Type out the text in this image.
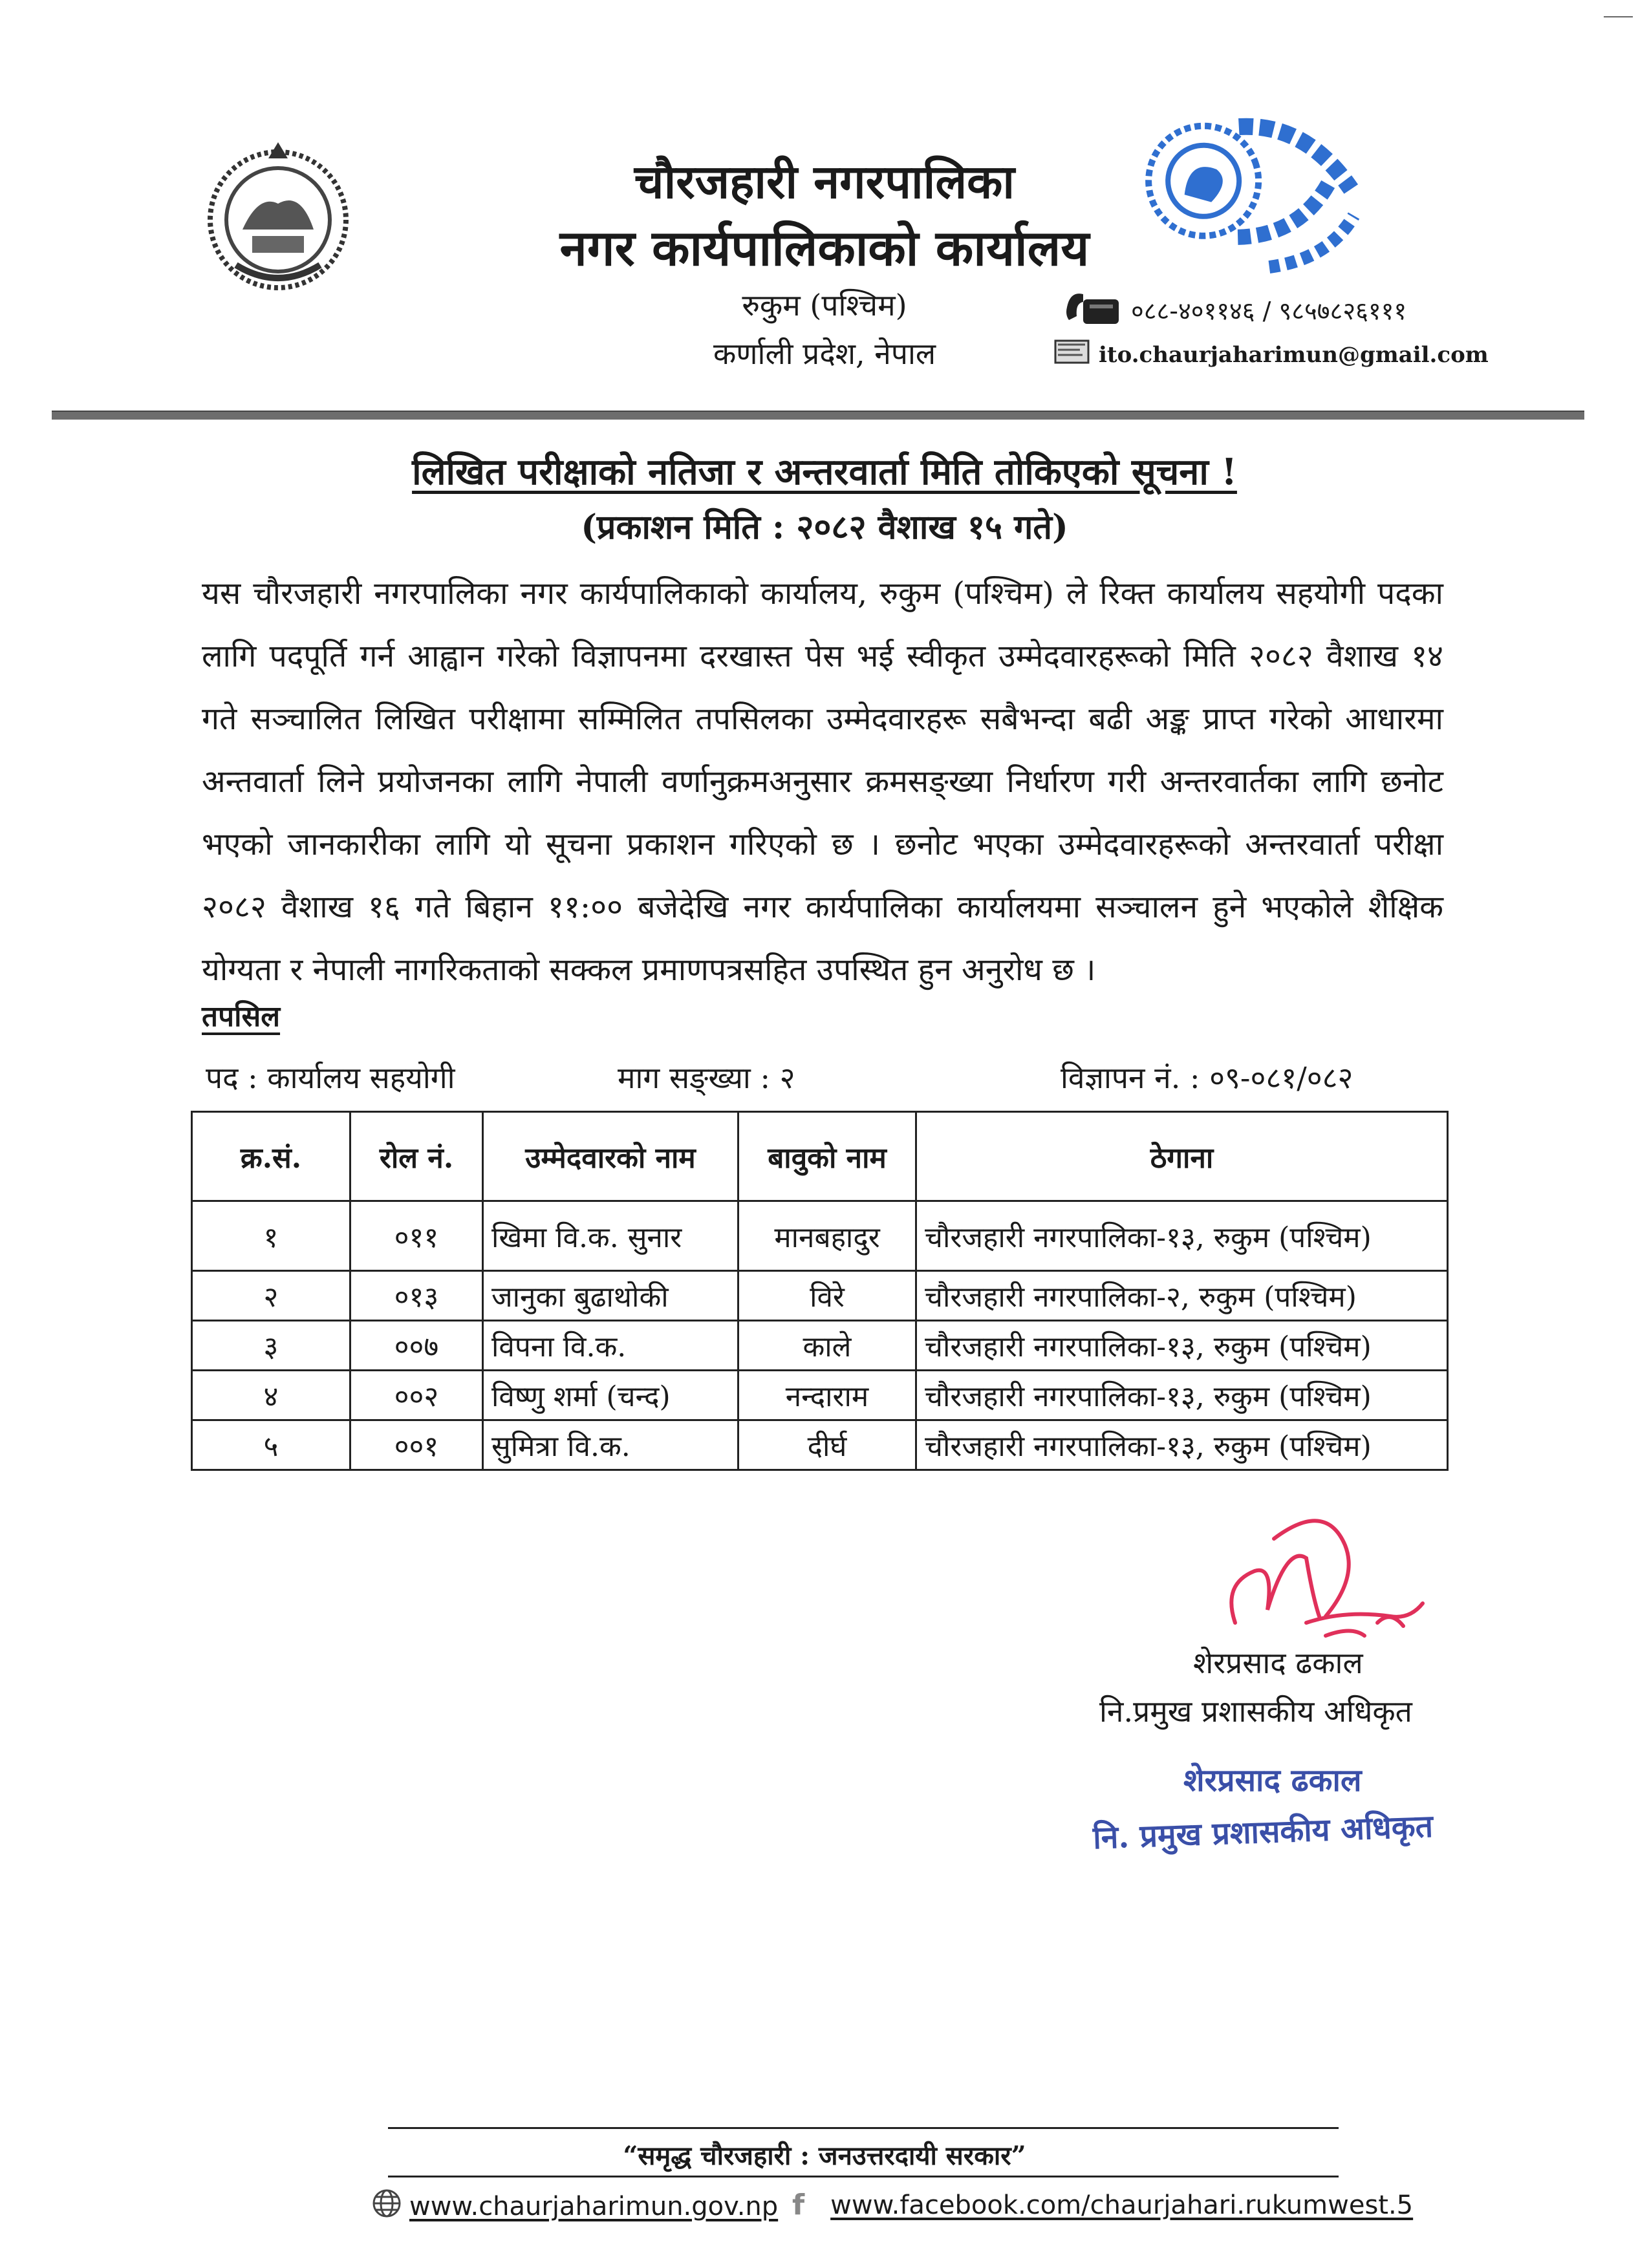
चौरजहारी नगरपालिका
नगर कार्यपालिकाको कार्यालय
रुकुम (पश्चिम)
कर्णाली प्रदेश, नेपाल
०८८-४०११४६ / ९८५७८२६१११
ito.chaurjaharimun@gmail.com
लिखित परीक्षाको नतिजा र अन्तरवार्ता मिति तोकिएको सूचना !
(प्रकाशन मिति : २०८२ वैशाख १५ गते)
यस चौरजहारी नगरपालिका नगर कार्यपालिकाको कार्यालय, रुकुम (पश्चिम) ले रिक्त कार्यालय सहयोगी पदका लागि पदपूर्ति गर्न आह्वान गरेको विज्ञापनमा दरखास्त पेस भई स्वीकृत उम्मेदवारहरूको मिति २०८२ वैशाख १४ गते सञ्चालित लिखित परीक्षामा सम्मिलित तपसिलका उम्मेदवारहरू सबैभन्दा बढी अङ्क प्राप्त गरेको आधारमा अन्तवार्ता लिने प्रयोजनका लागि नेपाली वर्णानुक्रमअनुसार क्रमसङ्ख्या निर्धारण गरी अन्तरवार्तका लागि छनोट भएको जानकारीका लागि यो सूचना प्रकाशन गरिएको छ । छनोट भएका उम्मेदवारहरूको अन्तरवार्ता परीक्षा २०८२ वैशाख १६ गते बिहान ११:०० बजेदेखि नगर कार्यपालिका कार्यालयमा सञ्चालन हुने भएकोले शैक्षिक योग्यता र नेपाली नागरिकताको सक्कल प्रमाणपत्रसहित उपस्थित हुन अनुरोध छ ।
तपसिल
पद : कार्यालय सहयोगी	माग सङ्ख्या : २	विज्ञापन नं. : ०९-०८१/०८२
क्र.सं.	रोल नं.	उम्मेदवारको नाम	बावुको नाम	ठेगाना
१	०११	खिमा वि.क. सुनार	मानबहादुर	चौरजहारी नगरपालिका-१३, रुकुम (पश्चिम)
२	०१३	जानुका बुढाथोकी	विरे	चौरजहारी नगरपालिका-२, रुकुम (पश्चिम)
३	००७	विपना वि.क.	काले	चौरजहारी नगरपालिका-१३, रुकुम (पश्चिम)
४	००२	विष्णु शर्मा (चन्द)	नन्दाराम	चौरजहारी नगरपालिका-१३, रुकुम (पश्चिम)
५	००१	सुमित्रा वि.क.	दीर्घ	चौरजहारी नगरपालिका-१३, रुकुम (पश्चिम)
शेरप्रसाद ढकाल
नि.प्रमुख प्रशासकीय अधिकृत
शेरप्रसाद ढकाल
नि. प्रमुख प्रशासकीय अधिकृत
“समृद्ध चौरजहारी : जनउत्तरदायी सरकार”
www.chaurjaharimun.gov.np f www.facebook.com/chaurjahari.rukumwest.5
